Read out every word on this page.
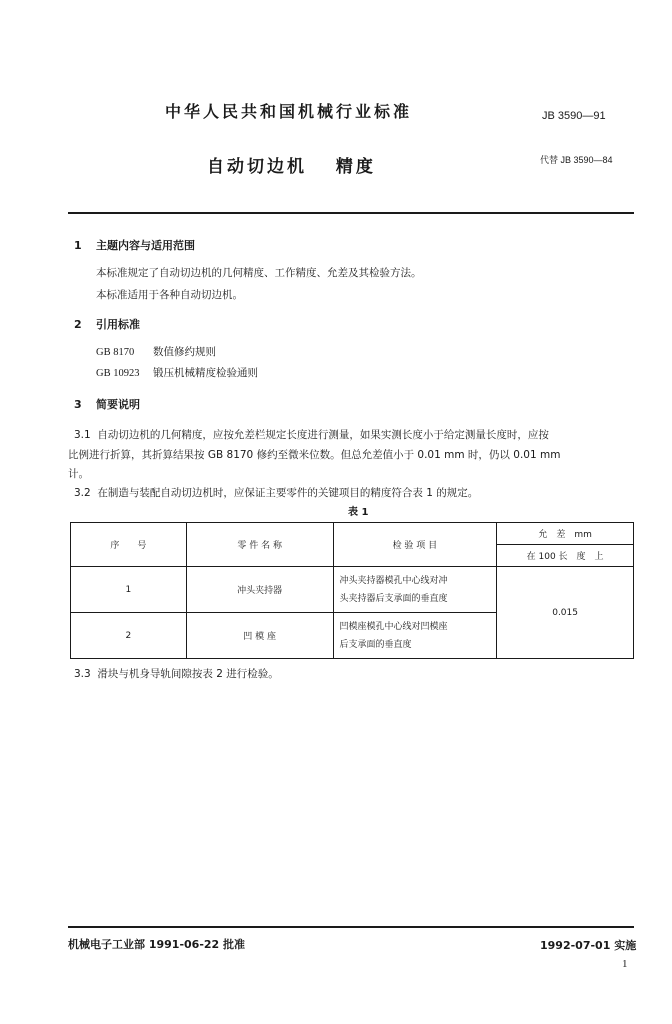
中华人民共和国机械行业标准	JB 3590—91
自动切边机 精度	代替 JB 3590—84
1 主题内容与适用范围
本标准规定了自动切边机的几何精度、工作精度、允差及其检验方法。
本标准适用于各种自动切边机。
2 引用标准
GB 8170 数值修约规则
GB 10923 锻压机械精度检验通则
3 简要说明
3.1 自动切边机的几何精度，应按允差栏规定长度进行测量，如果实测长度小于给定测量长度时，应按
比例进行折算，其折算结果按 GB 8170 修约至微米位数。但总允差值小于 0.01 mm 时，仍以 0.01 mm
计。
3.2 在制造与装配自动切边机时，应保证主要零件的关键项目的精度符合表 1 的规定。
表 1
序　　号	零 件 名 称	检 验 项 目	允　差　mm
			在 100 长　度　上
1	冲头夹持器	冲头夹持器模孔中心线对冲
头夹持器后支承面的垂直度	0.015
2	凹 模 座	凹模座模孔中心线对凹模座
后支承面的垂直度	
3.3 滑块与机身导轨间隙按表 2 进行检验。
机械电子工业部 1991-06-22 批准	1992-07-01 实施
1
